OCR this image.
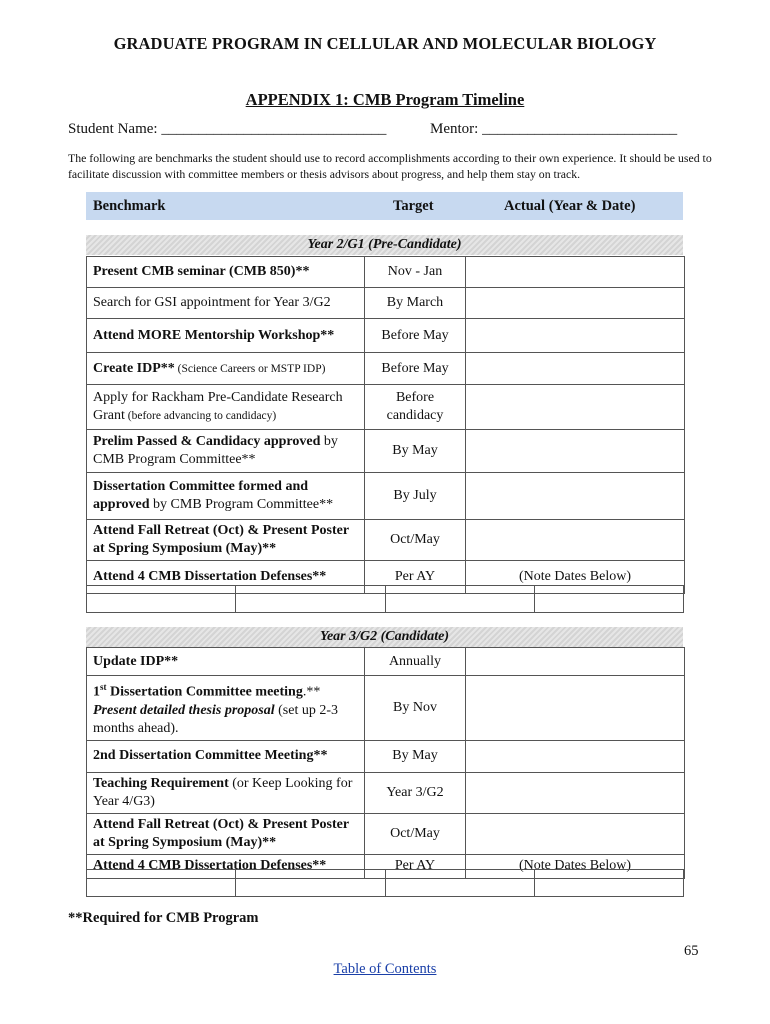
GRADUATE PROGRAM IN CELLULAR AND MOLECULAR BIOLOGY
APPENDIX 1: CMB Program Timeline
Student Name: ______________________________	Mentor: __________________________
The following are benchmarks the student should use to record accomplishments according to their own experience. It should be used to facilitate discussion with committee members or thesis advisors about progress, and help them stay on track.
Benchmark	Target	Actual (Year & Date)
Year 2/G1 (Pre-Candidate)
Present CMB seminar (CMB 850)**	Nov - Jan	
Search for GSI appointment for Year 3/G2	By March	
Attend MORE Mentorship Workshop**	Before May	
Create IDP** (Science Careers or MSTP IDP)	Before May	
Apply for Rackham Pre-Candidate Research Grant (before advancing to candidacy)	Before candidacy	
Prelim Passed & Candidacy approved by CMB Program Committee**	By May	
Dissertation Committee formed and approved by CMB Program Committee**	By July	
Attend Fall Retreat (Oct) & Present Poster at Spring Symposium (May)**	Oct/May	
Attend 4 CMB Dissertation Defenses**	Per AY	(Note Dates Below)

Year 3/G2 (Candidate)
Update IDP**	Annually	
1st Dissertation Committee meeting.**
Present detailed thesis proposal (set up 2-3 months ahead).	By Nov	
2nd Dissertation Committee Meeting**	By May	
Teaching Requirement (or Keep Looking for Year 4/G3)	Year 3/G2	
Attend Fall Retreat (Oct) & Present Poster at Spring Symposium (May)**	Oct/May	
Attend 4 CMB Dissertation Defenses**	Per AY	(Note Dates Below)

**Required for CMB Program
65
Table of Contents
